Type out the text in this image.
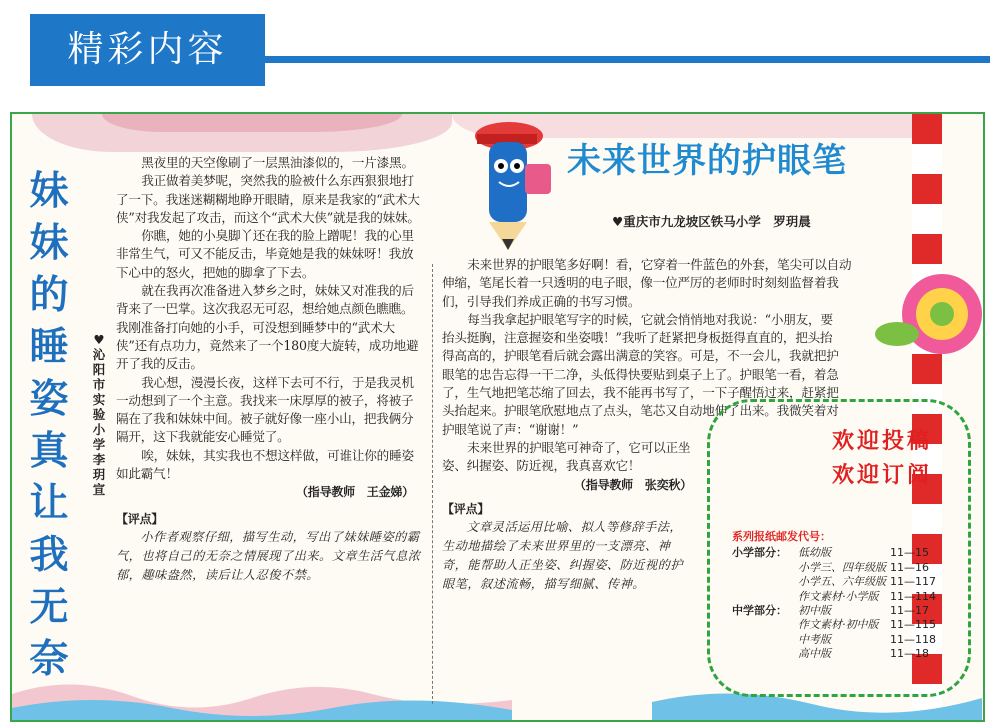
精彩内容
妹
妹
的
睡
姿
真
让
我
无
奈
♥
沁
阳
市
实
验
小
学
李
玥
宣

黑夜里的天空像刷了一层黑油漆似的，一片漆黑。

我正做着美梦呢，突然我的脸被什么东西狠狠地打了一下。我迷迷糊糊地睁开眼睛，原来是我家的“武术大侠”对我发起了攻击，而这个“武术大侠”就是我的妹妹。

你瞧，她的小臭脚丫还在我的脸上蹭呢！我的心里非常生气，可又不能反击，毕竟她是我的妹妹呀！我放下心中的怒火，把她的脚拿了下去。

就在我再次准备进入梦乡之时，妹妹又对准我的后背来了一巴掌。这次我忍无可忍，想给她点颜色瞧瞧。我刚准备打向她的小手，可没想到睡梦中的“武术大侠”还有点功力，竟然来了一个180度大旋转，成功地避开了我的反击。

我心想，漫漫长夜，这样下去可不行，于是我灵机一动想到了一个主意。我找来一床厚厚的被子，将被子隔在了我和妹妹中间。被子就好像一座小山，把我俩分隔开，这下我就能安心睡觉了。

唉，妹妹，其实我也不想这样做，可谁让你的睡姿如此霸气！

（指导教师　王金娣）
【评点】

小作者观察仔细，描写生动，写出了妹妹睡姿的霸气，也将自己的无奈之情展现了出来。文章生活气息浓郁，趣味盎然，读后让人忍俊不禁。

未来世界的护眼笔
♥重庆市九龙坡区铁马小学　罗玥晨

未来世界的护眼笔多好啊！看，它穿着一件蓝色的外套，笔尖可以自动伸缩，笔尾长着一只透明的电子眼，像一位严厉的老师时时刻刻监督着我们，引导我们养成正确的书写习惯。

每当我拿起护眼笔写字的时候，它就会悄悄地对我说：“小朋友，要抬头挺胸，注意握姿和坐姿哦！”我听了赶紧把身板挺得直直的，把头抬得高高的，护眼笔看后就会露出满意的笑容。可是，不一会儿，我就把护眼笔的忠告忘得一干二净，头低得快要贴到桌子上了。护眼笔一看，着急了，生气地把笔芯缩了回去，我不能再书写了，一下子醒悟过来，赶紧把头抬起来。护眼笔欣慰地点了点头，笔芯又自动地伸了出来。我微笑着对护眼笔说了声：“谢谢！”

未来世界的护眼笔可神奇了，它可以正坐姿、纠握姿、防近视，我真喜欢它！

（指导教师　张奕秋）
【评点】

文章灵活运用比喻、拟人等修辞手法，生动地描绘了未来世界里的一支漂亮、神奇，能帮助人正坐姿、纠握姿、防近视的护眼笔，叙述流畅，描写细腻、传神。

欢迎投稿
欢迎订阅
系列报纸邮发代号：
小学部分：	低幼版	11—15
小学三、四年级版 11—16
小学五、六年级版 11—117
作文素材·小学版	11—114
中学部分：	初中版	11—17
作文素材·初中版	11—115
中考版	11—118
高中版	11—18
